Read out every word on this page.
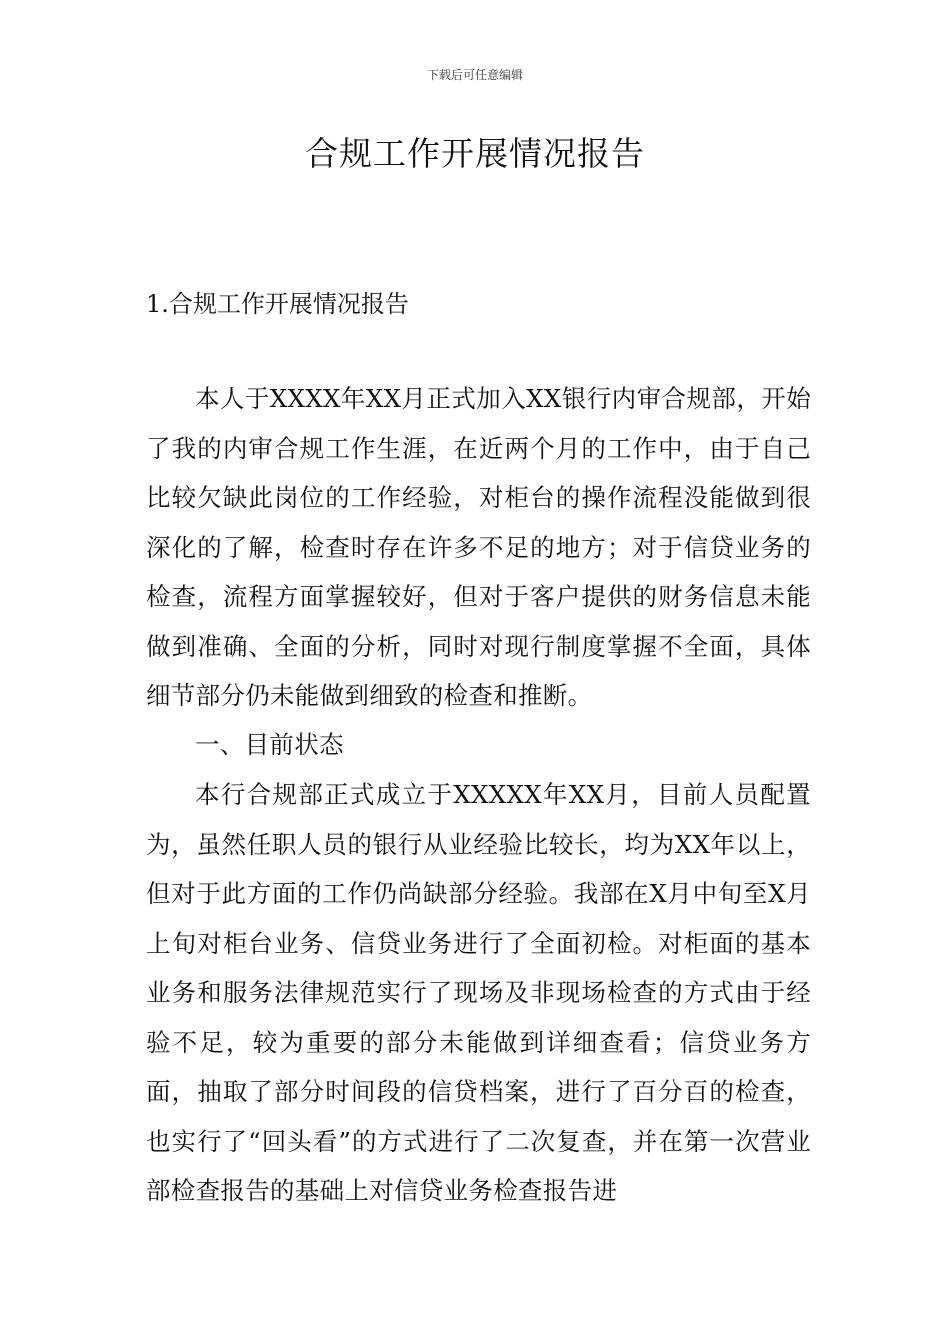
下载后可任意编辑
合规工作开展情况报告
1.合规工作开展情况报告

本人于XXXX年XX月正式加入XX银行内审合规部，开始了我的内审合规工作生涯，在近两个月的工作中，由于自己比较欠缺此岗位的工作经验，对柜台的操作流程没能做到很深化的了解，检查时存在许多不足的地方；对于信贷业务的检查，流程方面掌握较好，但对于客户提供的财务信息未能做到准确、全面的分析，同时对现行制度掌握不全面，具体细节部分仍未能做到细致的检查和推断。

一、目前状态

本行合规部正式成立于XXXXX年XX月，目前人员配置为，虽然任职人员的银行从业经验比较长，均为XX年以上，但对于此方面的工作仍尚缺部分经验。我部在X月中旬至X月上旬对柜台业务、信贷业务进行了全面初检。对柜面的基本业务和服务法律规范实行了现场及非现场检查的方式由于经验不足，较为重要的部分未能做到详细查看；信贷业务方面，抽取了部分时间段的信贷档案，进行了百分百的检查，也实行了“回头看”的方式进行了二次复查，并在第一次营业部检查报告的基础上对信贷业务检查报告进
